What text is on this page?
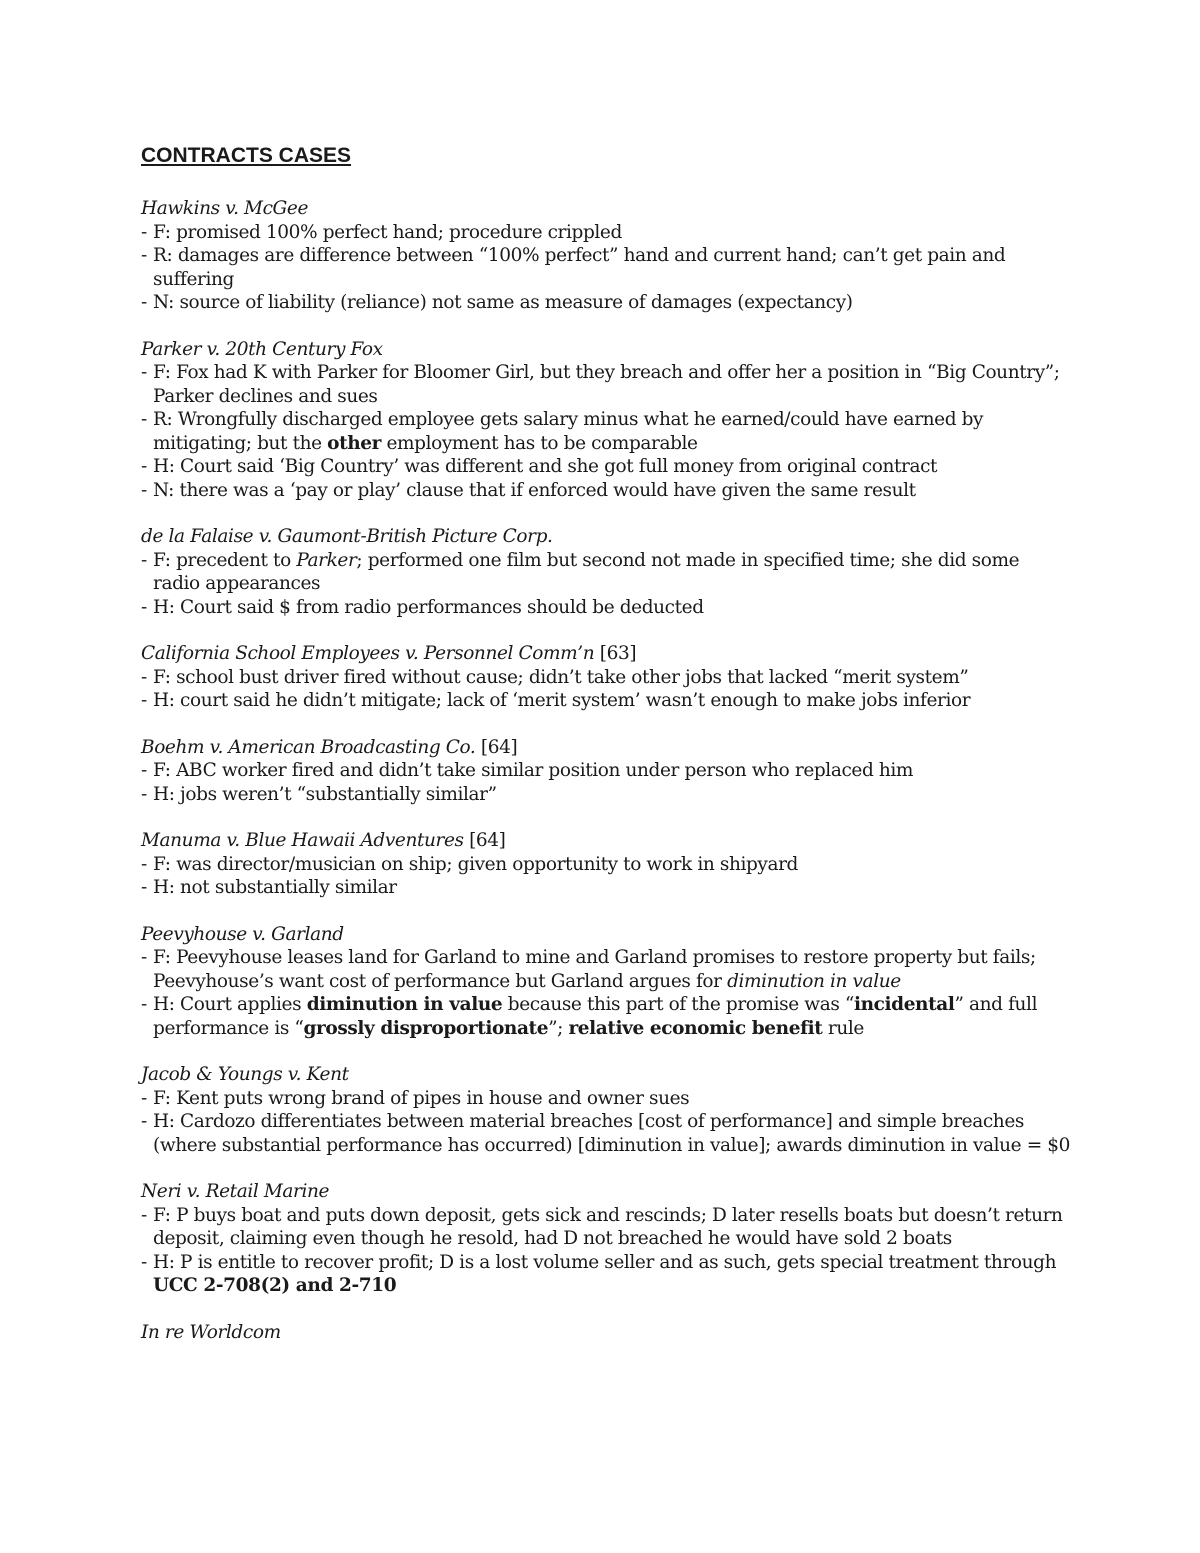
CONTRACTS CASES
Hawkins v. McGee
- F: promised 100% perfect hand; procedure crippled
- R: damages are difference between “100% perfect” hand and current hand; can’t get pain and suffering
- N: source of liability (reliance) not same as measure of damages (expectancy)
Parker v. 20th Century Fox
- F: Fox had K with Parker for Bloomer Girl, but they breach and offer her a position in “Big Country”; Parker declines and sues
- R: Wrongfully discharged employee gets salary minus what he earned/could have earned by mitigating; but the other employment has to be comparable
- H: Court said ‘Big Country’ was different and she got full money from original contract
- N: there was a ‘pay or play’ clause that if enforced would have given the same result
de la Falaise v. Gaumont-British Picture Corp.
- F: precedent to Parker; performed one film but second not made in specified time; she did some radio appearances
- H: Court said $ from radio performances should be deducted
California School Employees v. Personnel Comm’n [63]
- F: school bust driver fired without cause; didn’t take other jobs that lacked “merit system”
- H: court said he didn’t mitigate; lack of ‘merit system’ wasn’t enough to make jobs inferior
Boehm v. American Broadcasting Co. [64]
- F: ABC worker fired and didn’t take similar position under person who replaced him
- H: jobs weren’t “substantially similar”
Manuma v. Blue Hawaii Adventures [64]
- F: was director/musician on ship; given opportunity to work in shipyard
- H: not substantially similar
Peevyhouse v. Garland
- F: Peevyhouse leases land for Garland to mine and Garland promises to restore property but fails; Peevyhouse’s want cost of performance but Garland argues for diminution in value
- H: Court applies diminution in value because this part of the promise was “incidental” and full performance is “grossly disproportionate”; relative economic benefit rule
Jacob & Youngs v. Kent
- F: Kent puts wrong brand of pipes in house and owner sues
- H: Cardozo differentiates between material breaches [cost of performance] and simple breaches (where substantial performance has occurred) [diminution in value]; awards diminution in value = $0
Neri v. Retail Marine
- F: P buys boat and puts down deposit, gets sick and rescinds; D later resells boats but doesn’t return deposit, claiming even though he resold, had D not breached he would have sold 2 boats
- H: P is entitle to recover profit; D is a lost volume seller and as such, gets special treatment through UCC 2-708(2) and 2-710
In re Worldcom
